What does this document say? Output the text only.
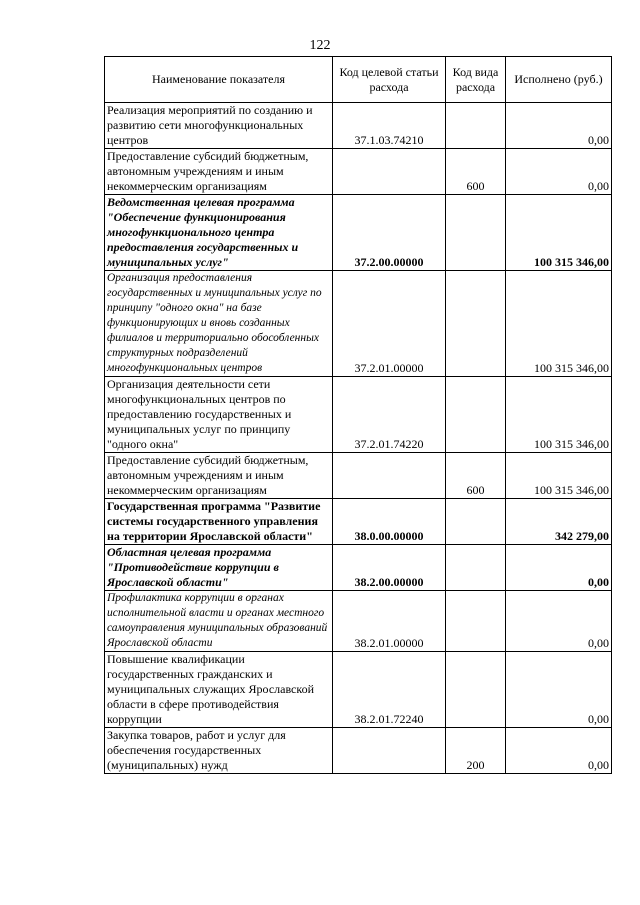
122
Наименование показателя	Код целевой статьи расхода	Код вида расхода	Исполнено (руб.)
Реализация мероприятий по созданию и развитию сети многофункциональных центров	37.1.03.74210		0,00
Предоставление субсидий бюджетным, автономным учреждениям и иным некоммерческим организациям		600	0,00
Ведомственная целевая программа "Обеспечение функционирования многофункционального центра предоставления государственных и муниципальных услуг"	37.2.00.00000		100 315 346,00
Организация предоставления государственных и муниципальных услуг по принципу "одного окна" на базе функционирующих и вновь созданных филиалов и территориально обособленных структурных подразделений многофункциональных центров	37.2.01.00000		100 315 346,00
Организация деятельности сети многофункциональных центров по предоставлению государственных и муниципальных услуг по принципу "одного окна"	37.2.01.74220		100 315 346,00
Предоставление субсидий бюджетным, автономным учреждениям и иным некоммерческим организациям		600	100 315 346,00
Государственная программа "Развитие системы государственного управления на территории Ярославской области"	38.0.00.00000		342 279,00
Областная целевая программа "Противодействие коррупции в Ярославской области"	38.2.00.00000		0,00
Профилактика коррупции в органах исполнительной власти и органах местного самоуправления муниципальных образований Ярославской области	38.2.01.00000		0,00
Повышение квалификации государственных гражданских и муниципальных служащих Ярославской области в сфере противодействия коррупции	38.2.01.72240		0,00
Закупка товаров, работ и услуг для обеспечения государственных (муниципальных) нужд		200	0,00
